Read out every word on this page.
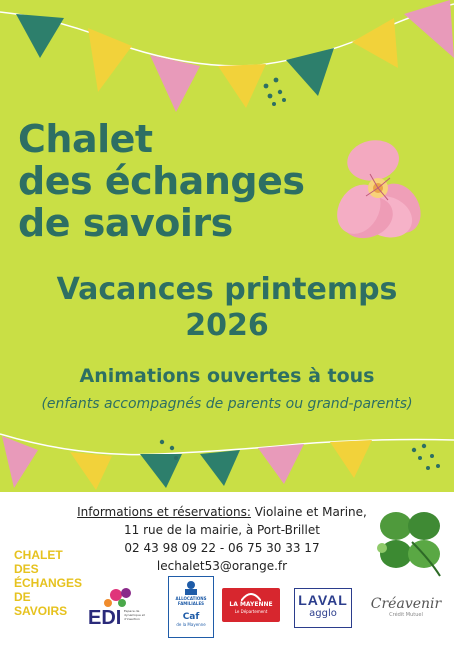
Chalet
des échanges
de savoirs

Vacances printemps

2026

Animations ouvertes à tous

(enfants accompagnés de parents ou grand-parents)

Informations et réservations: Violaine et Marine,
11 rue de la mairie, à Port-Brillet
02 43 98 09 22 - 06 75 30 33 17
lechalet53@orange.fr
CHALET
DES
ÉCHANGES
DE SAVOIRS	EDI Espace de dynamique et d'insertion
ALLOCATIONS FAMILIALES
Caf
de la Mayenne
LA MAYENNE
Le Département
LAVAL
agglo
Créavenir
Crédit Mutuel
